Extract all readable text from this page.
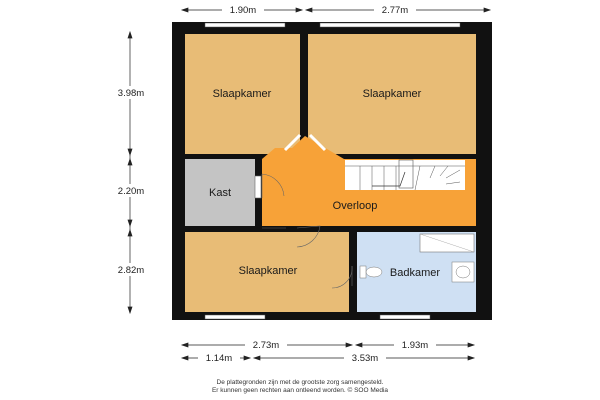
Slaapkamer	Slaapkamer
Kast
Overloop
Slaapkamer	Badkamer
1.90m	2.77m
3.98m
2.20m
2.82m
2.73m	1.93m
1.14m	3.53m
De plattegronden zijn met de grootste zorg samengesteld.
Er kunnen geen rechten aan ontleend worden. © SOO Media
